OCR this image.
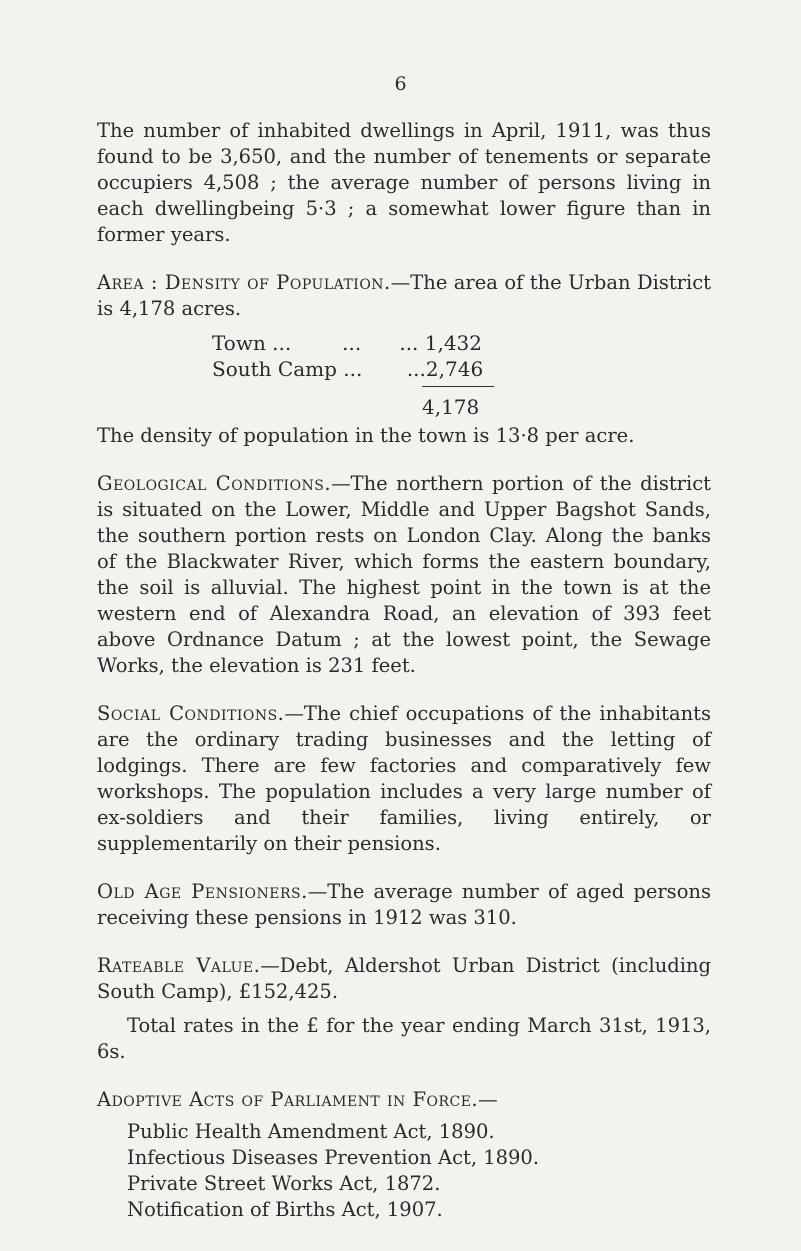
6

The number of inhabited dwellings in April, 1911, was thus found to be 3,650, and the number of tenements or separate occupiers 4,508 ; the average number of persons living in each dwellingbeing 5·3 ; a somewhat lower figure than in former years.

Area : Density of Population.—The area of the Urban District is 4,178 acres.

Town ...        ...      ... 1,432
South Camp ...       ... 2,746
4,178

The density of population in the town is 13·8 per acre.

Geological Conditions.—The northern portion of the district is situated on the Lower, Middle and Upper Bagshot Sands, the southern portion rests on London Clay. Along the banks of the Blackwater River, which forms the eastern boundary, the soil is alluvial. The highest point in the town is at the western end of Alexandra Road, an elevation of 393 feet above Ordnance Datum ; at the lowest point, the Sewage Works, the elevation is 231 feet.

Social Conditions.—The chief occupations of the inhabitants are the ordinary trading businesses and the letting of lodgings. There are few factories and comparatively few workshops. The population includes a very large number of ex-soldiers and their families, living entirely, or supplementarily on their pensions.

Old Age Pensioners.—The average number of aged persons receiving these pensions in 1912 was 310.

Rateable Value.—Debt, Aldershot Urban District (including South Camp), £152,425.

Total rates in the £ for the year ending March 31st, 1913, 6s.

Adoptive Acts of Parliament in Force.—

Public Health Amendment Act, 1890.
Infectious Diseases Prevention Act, 1890.
Private Street Works Act, 1872.
Notification of Births Act, 1907.
